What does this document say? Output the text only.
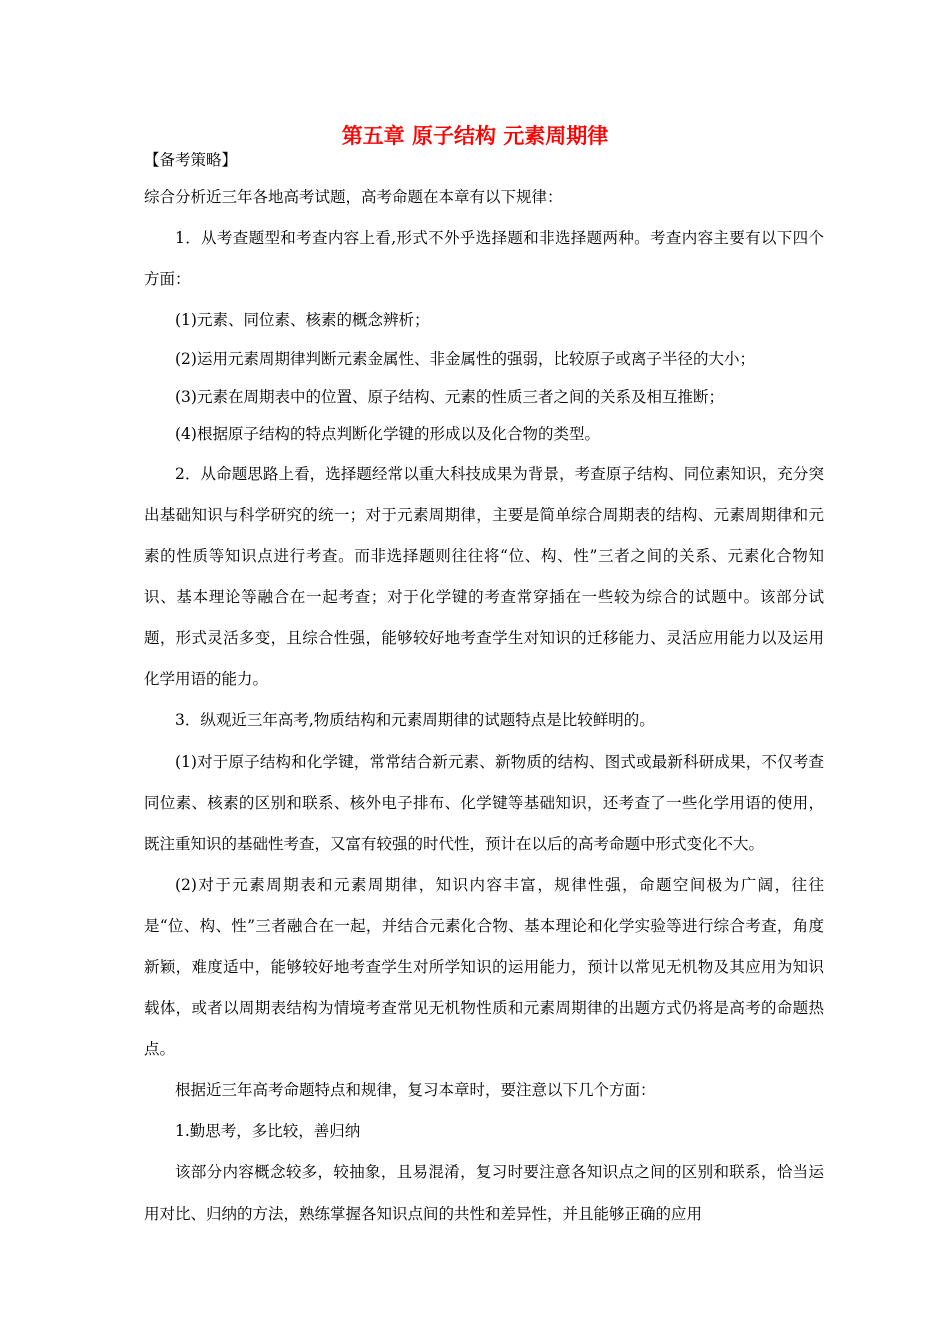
第五章 原子结构 元素周期律
【备考策略】

综合分析近三年各地高考试题，高考命题在本章有以下规律：

1．从考查题型和考查内容上看,形式不外乎选择题和非选择题两种。考查内容主要有以下四个方面：

(1)元素、同位素、核素的概念辨析；

(2)运用元素周期律判断元素金属性、非金属性的强弱，比较原子或离子半径的大小；

(3)元素在周期表中的位置、原子结构、元素的性质三者之间的关系及相互推断；

(4)根据原子结构的特点判断化学键的形成以及化合物的类型。

2．从命题思路上看，选择题经常以重大科技成果为背景，考查原子结构、同位素知识，充分突出基础知识与科学研究的统一；对于元素周期律，主要是简单综合周期表的结构、元素周期律和元素的性质等知识点进行考查。而非选择题则往往将“位、构、性”三者之间的关系、元素化合物知识、基本理论等融合在一起考查；对于化学键的考查常穿插在一些较为综合的试题中。该部分试题，形式灵活多变，且综合性强，能够较好地考查学生对知识的迁移能力、灵活应用能力以及运用化学用语的能力。

3．纵观近三年高考,物质结构和元素周期律的试题特点是比较鲜明的。

(1)对于原子结构和化学键，常常结合新元素、新物质的结构、图式或最新科研成果，不仅考查同位素、核素的区别和联系、核外电子排布、化学键等基础知识，还考查了一些化学用语的使用，既注重知识的基础性考查，又富有较强的时代性，预计在以后的高考命题中形式变化不大。

(2)对于元素周期表和元素周期律，知识内容丰富，规律性强，命题空间极为广阔，往往是“位、构、性”三者融合在一起，并结合元素化合物、基本理论和化学实验等进行综合考查，角度新颖，难度适中，能够较好地考查学生对所学知识的运用能力，预计以常见无机物及其应用为知识载体，或者以周期表结构为情境考查常见无机物性质和元素周期律的出题方式仍将是高考的命题热点。

根据近三年高考命题特点和规律，复习本章时，要注意以下几个方面：

1.勤思考，多比较，善归纳

该部分内容概念较多，较抽象，且易混淆，复习时要注意各知识点之间的区别和联系，恰当运用对比、归纳的方法，熟练掌握各知识点间的共性和差异性，并且能够正确的应用
